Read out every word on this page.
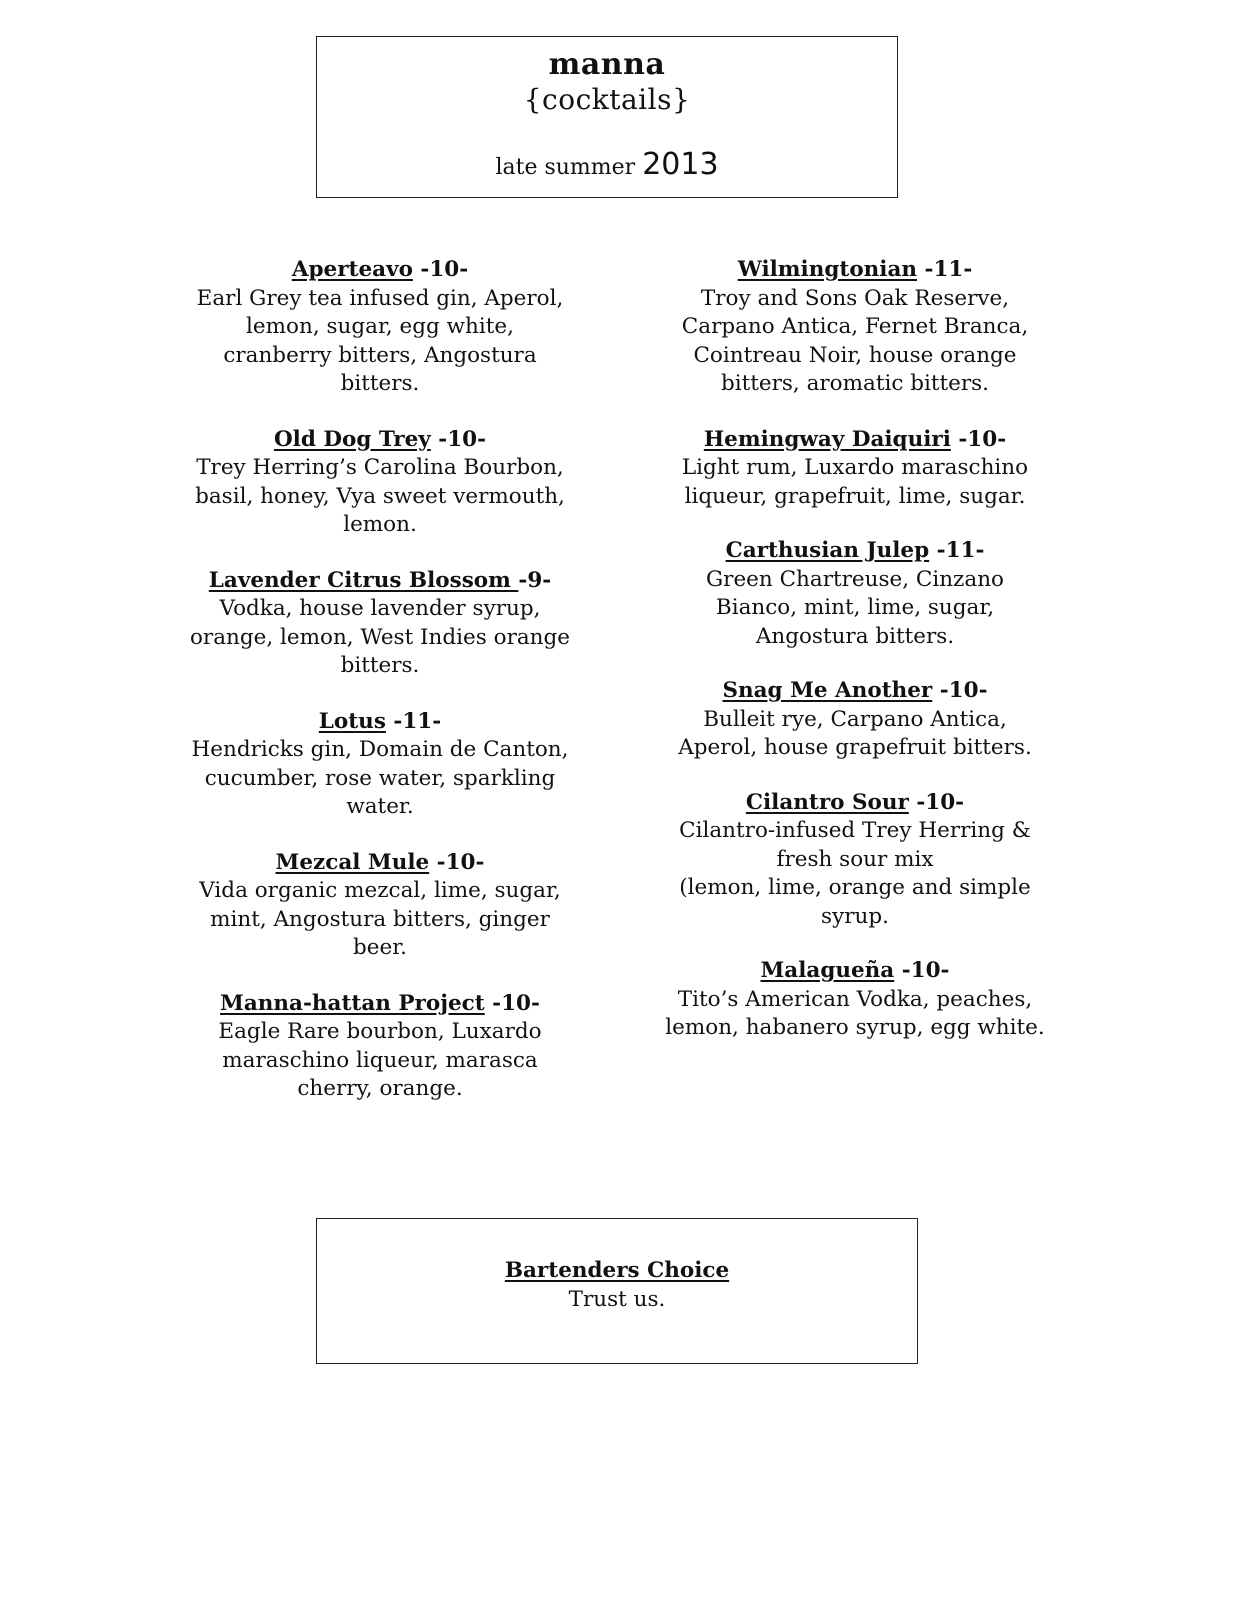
manna
{cocktails}
late summer 2013
Aperteavo -10-
Earl Grey tea infused gin, Aperol,
lemon, sugar, egg white,
cranberry bitters, Angostura
bitters.
Old Dog Trey -10-
Trey Herring’s Carolina Bourbon,
basil, honey, Vya sweet vermouth,
lemon.
Lavender Citrus Blossom -9-
Vodka, house lavender syrup,
orange, lemon, West Indies orange
bitters.
Lotus -11-
Hendricks gin, Domain de Canton,
cucumber, rose water, sparkling
water.
Mezcal Mule -10-
Vida organic mezcal, lime, sugar,
mint, Angostura bitters, ginger
beer.
Manna-hattan Project -10-
Eagle Rare bourbon, Luxardo
maraschino liqueur, marasca
cherry, orange.
Wilmingtonian -11-
Troy and Sons Oak Reserve,
Carpano Antica, Fernet Branca,
Cointreau Noir, house orange
bitters, aromatic bitters.
Hemingway Daiquiri -10-
Light rum, Luxardo maraschino
liqueur, grapefruit, lime, sugar.
Carthusian Julep -11-
Green Chartreuse, Cinzano
Bianco, mint, lime, sugar,
Angostura bitters.
Snag Me Another -10-
Bulleit rye, Carpano Antica,
Aperol, house grapefruit bitters.
Cilantro Sour -10-
Cilantro-infused Trey Herring &
fresh sour mix
(lemon, lime, orange and simple
syrup.
Malagueña -10-
Tito’s American Vodka, peaches,
lemon, habanero syrup, egg white.
Bartenders Choice
Trust us.
